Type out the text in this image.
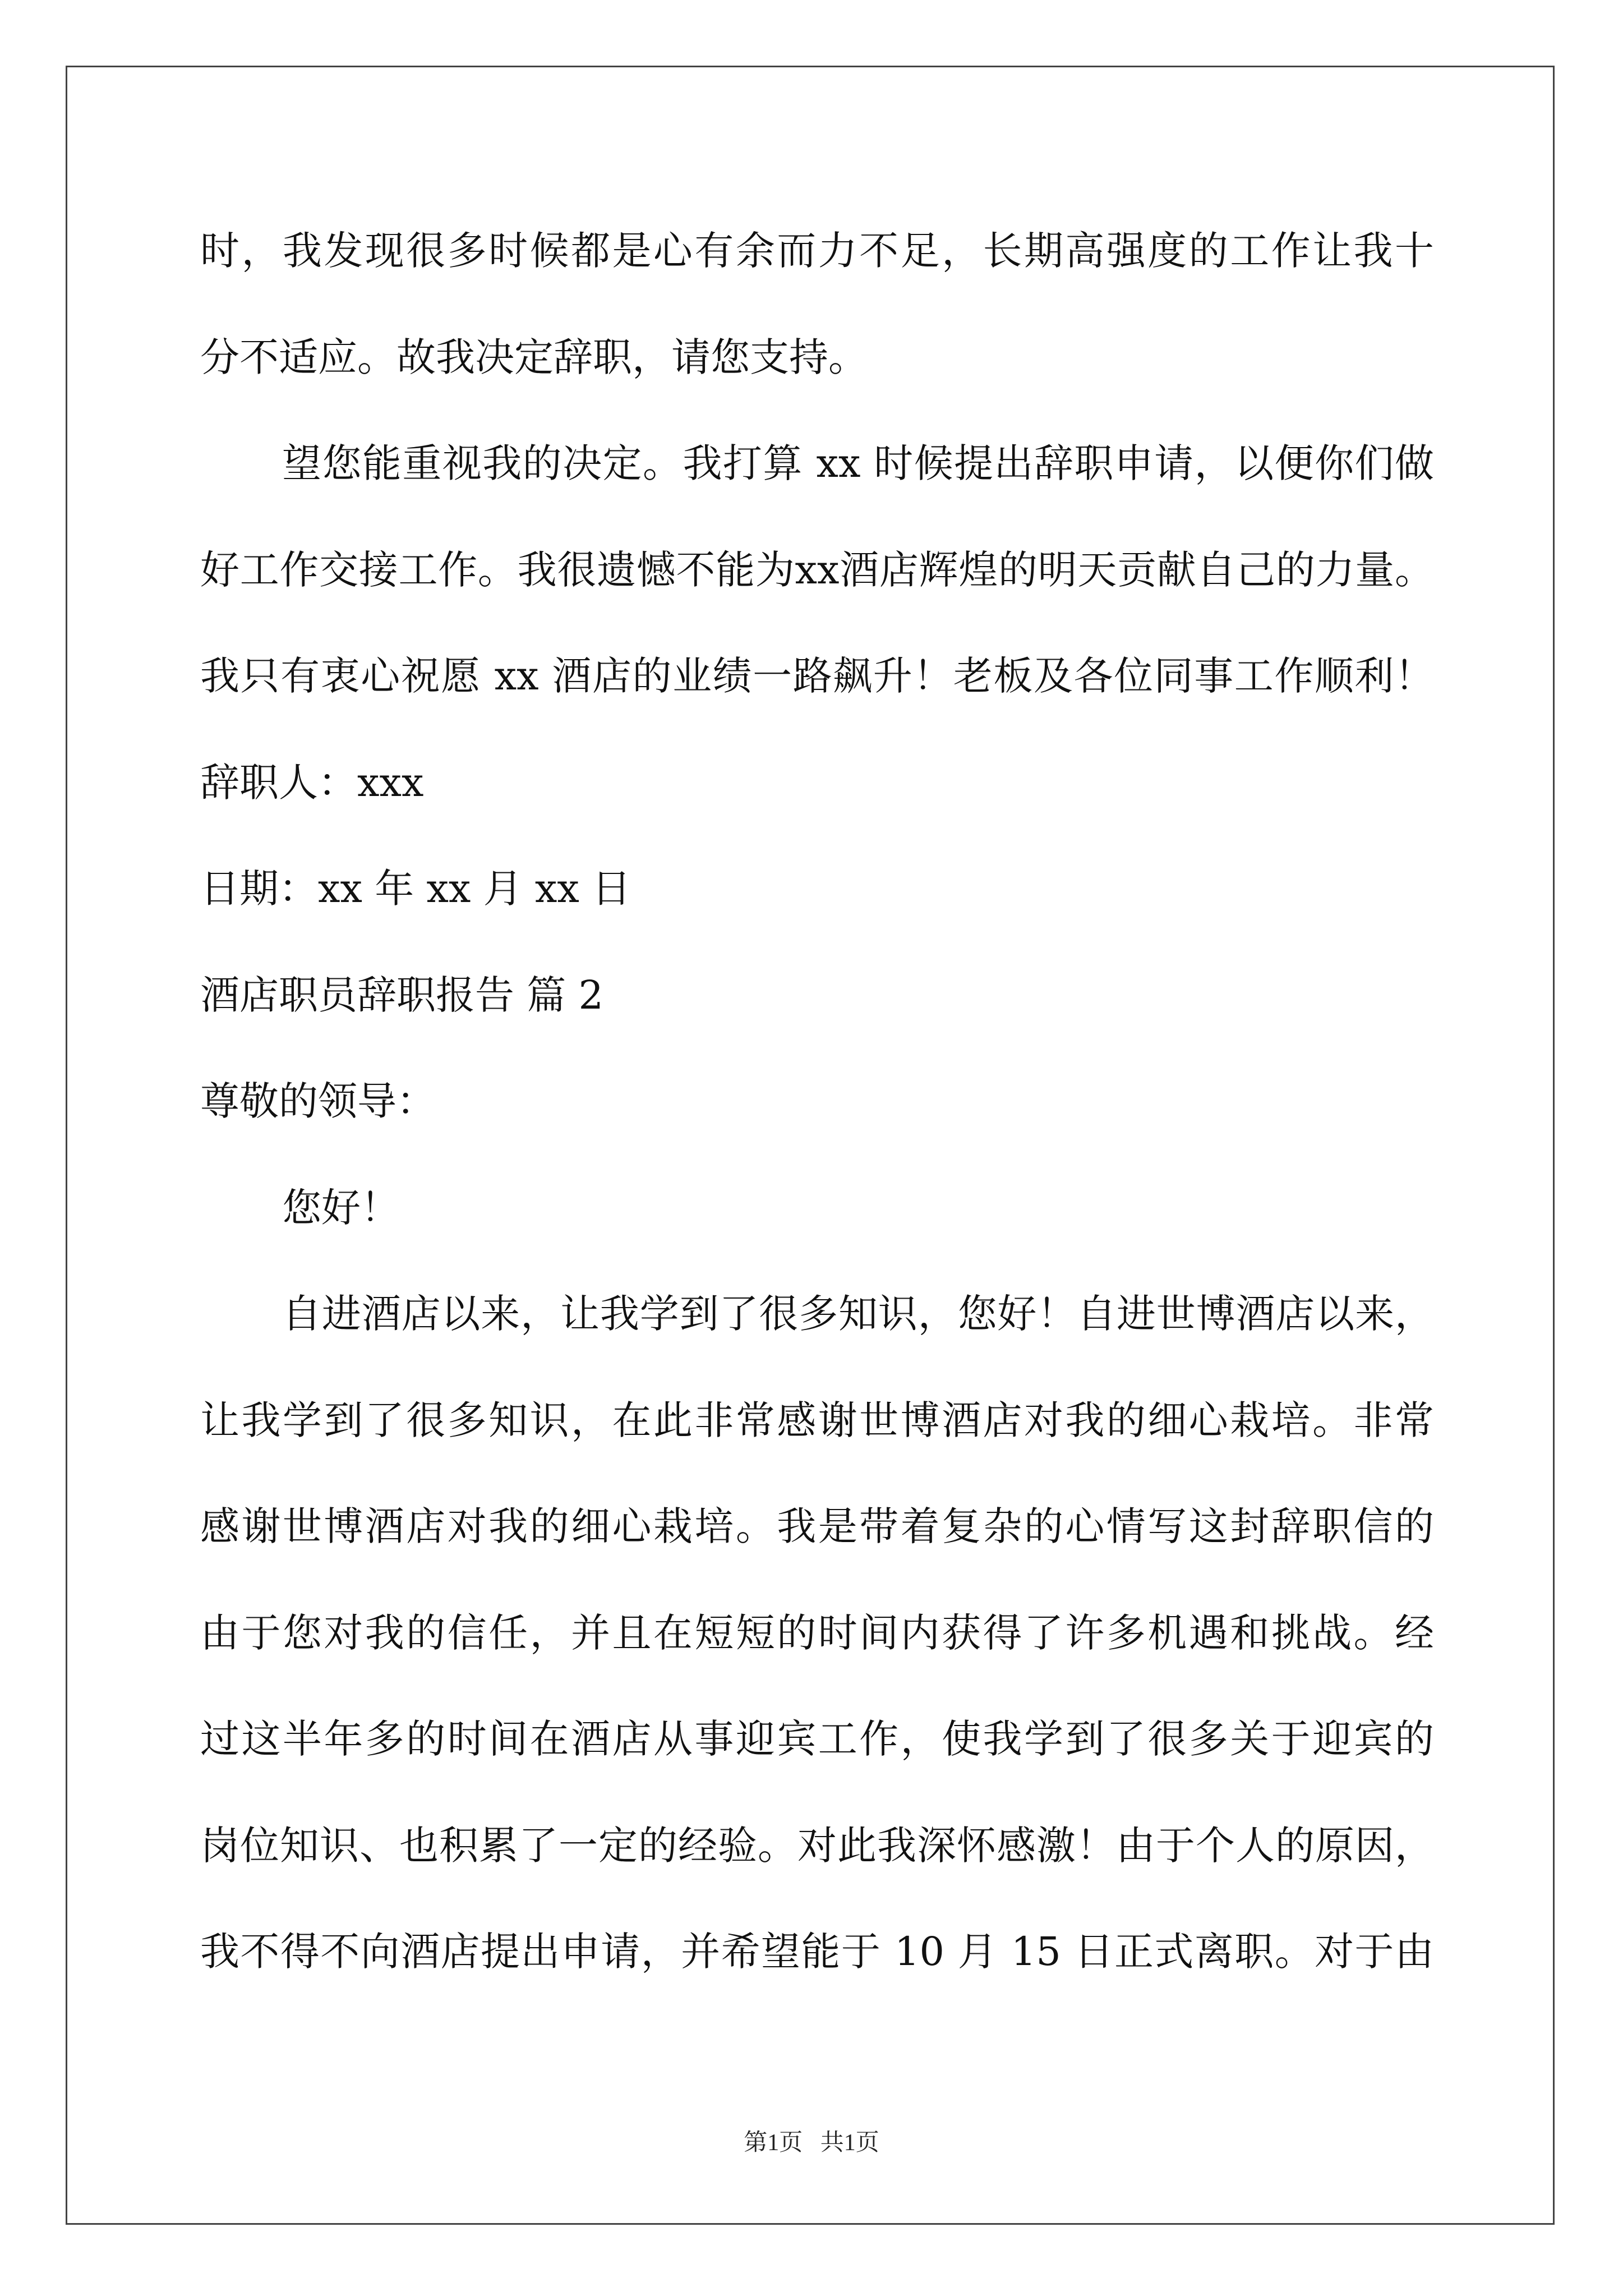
时，我发现很多时候都是心有余而力不足，长期高强度的工作让我十
分不适应。故我决定辞职，请您支持。
望您能重视我的决定。我打算 xx 时候提出辞职申请，以便你们做
好工作交接工作。我很遗憾不能为xx酒店辉煌的明天贡献自己的力量。
我只有衷心祝愿 xx 酒店的业绩一路飙升！老板及各位同事工作顺利！
辞职人：xxx
日期：xx 年 xx 月 xx 日
酒店职员辞职报告 篇 2
尊敬的领导：
您好！
自进酒店以来，让我学到了很多知识，您好！自进世博酒店以来，
让我学到了很多知识，在此非常感谢世博酒店对我的细心栽培。非常
感谢世博酒店对我的细心栽培。我是带着复杂的心情写这封辞职信的
由于您对我的信任，并且在短短的时间内获得了许多机遇和挑战。经
过这半年多的时间在酒店从事迎宾工作，使我学到了很多关于迎宾的
岗位知识、也积累了一定的经验。对此我深怀感激！由于个人的原因，
我不得不向酒店提出申请，并希望能于 10 月 15 日正式离职。对于由
第1页   共1页
